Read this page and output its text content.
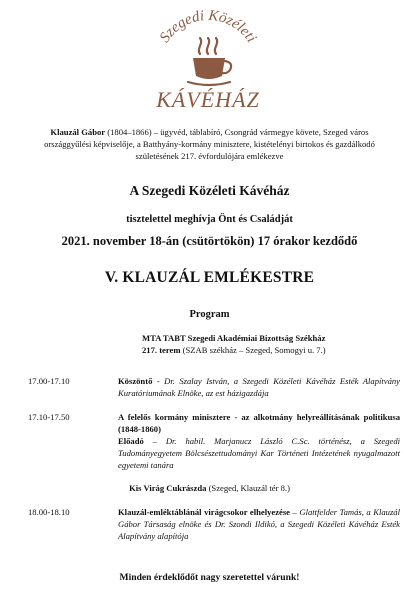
Szegedi Közéleti
KÁVÉHÁZ
Klauzál Gábor (1804–1866) – ügyvéd, táblabíró, Csongrád vármegye követe, Szeged város
országgyűlési képviselője, a Batthyány-kormány minisztere, kistételényi birtokos és gazdálkodó
születésének 217. évfordulójára emlékezve
A Szegedi Közéleti Kávéház
tisztelettel meghívja Önt és Családját
2021. november 18-án (csütörtökön) 17 órakor kezdődő
V. KLAUZÁL EMLÉKESTRE
Program
MTA TABT Szegedi Akadémiai Bizottság Székház
217. terem (SZAB székház – Szeged, Somogyi u. 7.)
17.00-17.10	Köszöntő - Dr. Szalay István, a Szegedi Közéleti Kávéház Esték Alapítvány Kuratóriumának Elnöke, az est házigazdája
17.10-17.50	A felelős kormány minisztere - az alkotmány helyreállításának politikusa (1848-1860)
Előadó – Dr. habil. Marjanucz László C.Sc. történész, a Szegedi Tudományegyetem Bölcsészettudományi Kar Történeti Intézetének nyugalmazott egyetemi tanára
Kis Virág Cukrászda (Szeged, Klauzál tér 8.)
18.00-18.10	Klauzál-emléktáblánál virágcsokor elhelyezése – Glattfelder Tamás, a Klauzál Gábor Társaság elnöke és Dr. Szondi Ildikó, a Szegedi Közéleti Kávéház Esték Alapítvány alapítója
Minden érdeklődőt nagy szeretettel várunk!
